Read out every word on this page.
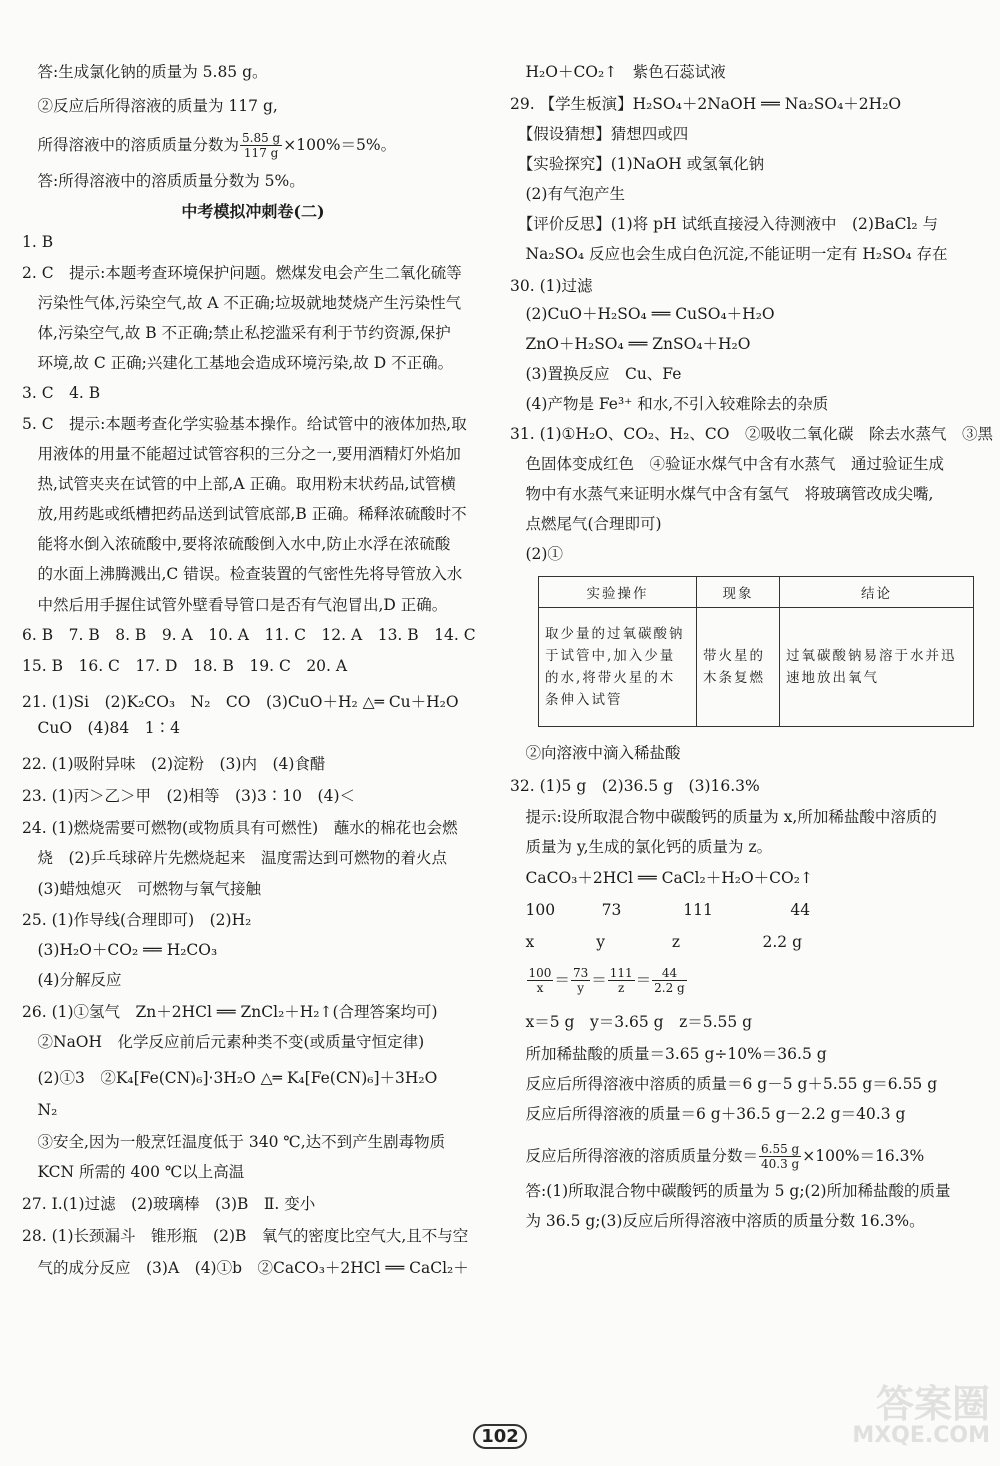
　答:生成氯化钠的质量为 5.85 g。
　②反应后所得溶液的质量为 117 g,
　所得溶液中的溶质质量分数为 $\frac{5.85 g}{117 g} \times 100\%=5\%$。
　答:所得溶液中的溶质质量分数为 5%。
中考模拟冲刺卷(二)
1. B
2. C　提示:本题考查环境保护问题。燃煤发电会产生二氧化硫等
　污染性气体,污染空气,故 A 不正确;垃圾就地焚烧产生污染性气
　体,污染空气,故 B 不正确;禁止私挖滥采有利于节约资源,保护
　环境,故 C 正确;兴建化工基地会造成环境污染,故 D 不正确。
3. C　4. B
5. C　提示:本题考查化学实验基本操作。给试管中的液体加热,取
　用液体的用量不能超过试管容积的三分之一,要用酒精灯外焰加
　热,试管夹夹在试管的中上部,A 正确。取用粉末状药品,试管横
　放,用药匙或纸槽把药品送到试管底部,B 正确。稀释浓硫酸时不
　能将水倒入浓硫酸中,要将浓硫酸倒入水中,防止水浮在浓硫酸
　的水面上沸腾溅出,C 错误。检查装置的气密性先将导管放入水
　中然后用手握住试管外壁看导管口是否有气泡冒出,D 正确。
6. B　7. B　8. B　9. A　10. A　11. C　12. A　13. B　14. C
15. B　16. C　17. D　18. B　19. C　20. A
21. (1)Si　(2)K₂CO₃　N₂　CO　(3)CuO＋H₂ △═ Cu＋H₂O
　CuO　(4)84　1∶4
22. (1)吸附异味　(2)淀粉　(3)内　(4)食醋
23. (1)丙＞乙＞甲　(2)相等　(3)3∶10　(4)＜
24. (1)燃烧需要可燃物(或物质具有可燃性)　蘸水的棉花也会燃
　烧　(2)乒乓球碎片先燃烧起来　温度需达到可燃物的着火点
　(3)蜡烛熄灭　可燃物与氧气接触
25. (1)作导线(合理即可)　(2)H₂
　(3)H₂O＋CO₂ ══ H₂CO₃
　(4)分解反应
26. (1)①氢气　Zn＋2HCl ══ ZnCl₂＋H₂↑(合理答案均可)
　②NaOH　化学反应前后元素种类不变(或质量守恒定律)
　(2)①3　②K₄[Fe(CN)₆]·3H₂O △═ K₄[Fe(CN)₆]＋3H₂O
　N₂
　③安全,因为一般烹饪温度低于 340 ℃,达不到产生剧毒物质
　KCN 所需的 400 ℃以上高温
27. Ⅰ.(1)过滤　(2)玻璃棒　(3)B　Ⅱ. 变小
28. (1)长颈漏斗　锥形瓶　(2)B　氧气的密度比空气大,且不与空
　气的成分反应　(3)A　(4)①b　②CaCO₃＋2HCl ══ CaCl₂＋
　H₂O＋CO₂↑　紫色石蕊试液
29. 【学生板演】H₂SO₄＋2NaOH ══ Na₂SO₄＋2H₂O
　【假设猜想】猜想四或四
　【实验探究】(1)NaOH 或氢氧化钠
　(2)有气泡产生
　【评价反思】(1)将 pH 试纸直接浸入待测液中　(2)BaCl₂ 与
　Na₂SO₄ 反应也会生成白色沉淀,不能证明一定有 H₂SO₄ 存在
30. (1)过滤
　(2)CuO＋H₂SO₄ ══ CuSO₄＋H₂O
　ZnO＋H₂SO₄ ══ ZnSO₄＋H₂O
　(3)置换反应　Cu、Fe
　(4)产物是 Fe³⁺ 和水,不引入较难除去的杂质
31. (1)①H₂O、CO₂、H₂、CO　②吸收二氧化碳　除去水蒸气　③黑
　色固体变成红色　④验证水煤气中含有水蒸气　通过验证生成
　物中有水蒸气来证明水煤气中含有氢气　将玻璃管改成尖嘴,
　点燃尾气(合理即可)
　(2)①
实验操作	现象	结论
取少量的过氧碳酸钠于试管中,加入少量的水,将带火星的木条伸入试管	带火星的木条复燃	过氧碳酸钠易溶于水并迅速地放出氧气
　②向溶液中滴入稀盐酸
32. (1)5 g　(2)36.5 g　(3)16.3%
　提示:设所取混合物中碳酸钙的质量为 x,所加稀盐酸中溶质的
　质量为 y,生成的氯化钙的质量为 z。
　CaCO₃＋2HCl ══ CaCl₂＋H₂O＋CO₂↑
　100　　　73　　　　111　　　　　44
　x　　　　y　　　　 z　　　　　 2.2 g

$\frac{100}{x} = \frac{73}{y} = \frac{111}{z} = \frac{44}{2.2 g}$
　x＝5 g　y＝3.65 g　z＝5.55 g
　所加稀盐酸的质量＝3.65 g÷10%＝36.5 g
　反应后所得溶液中溶质的质量＝6 g－5 g＋5.55 g＝6.55 g
　反应后所得溶液的质量＝6 g＋36.5 g－2.2 g＝40.3 g
　反应后所得溶液的溶质质量分数＝ $\frac{6.55 g}{40.3 g} \times 100\%=16.3\%$
　答:(1)所取混合物中碳酸钙的质量为 5 g;(2)所加稀盐酸的质量
　为 36.5 g;(3)反应后所得溶液中溶质的质量分数 16.3%。
102
答案圈
MXQE.COM
